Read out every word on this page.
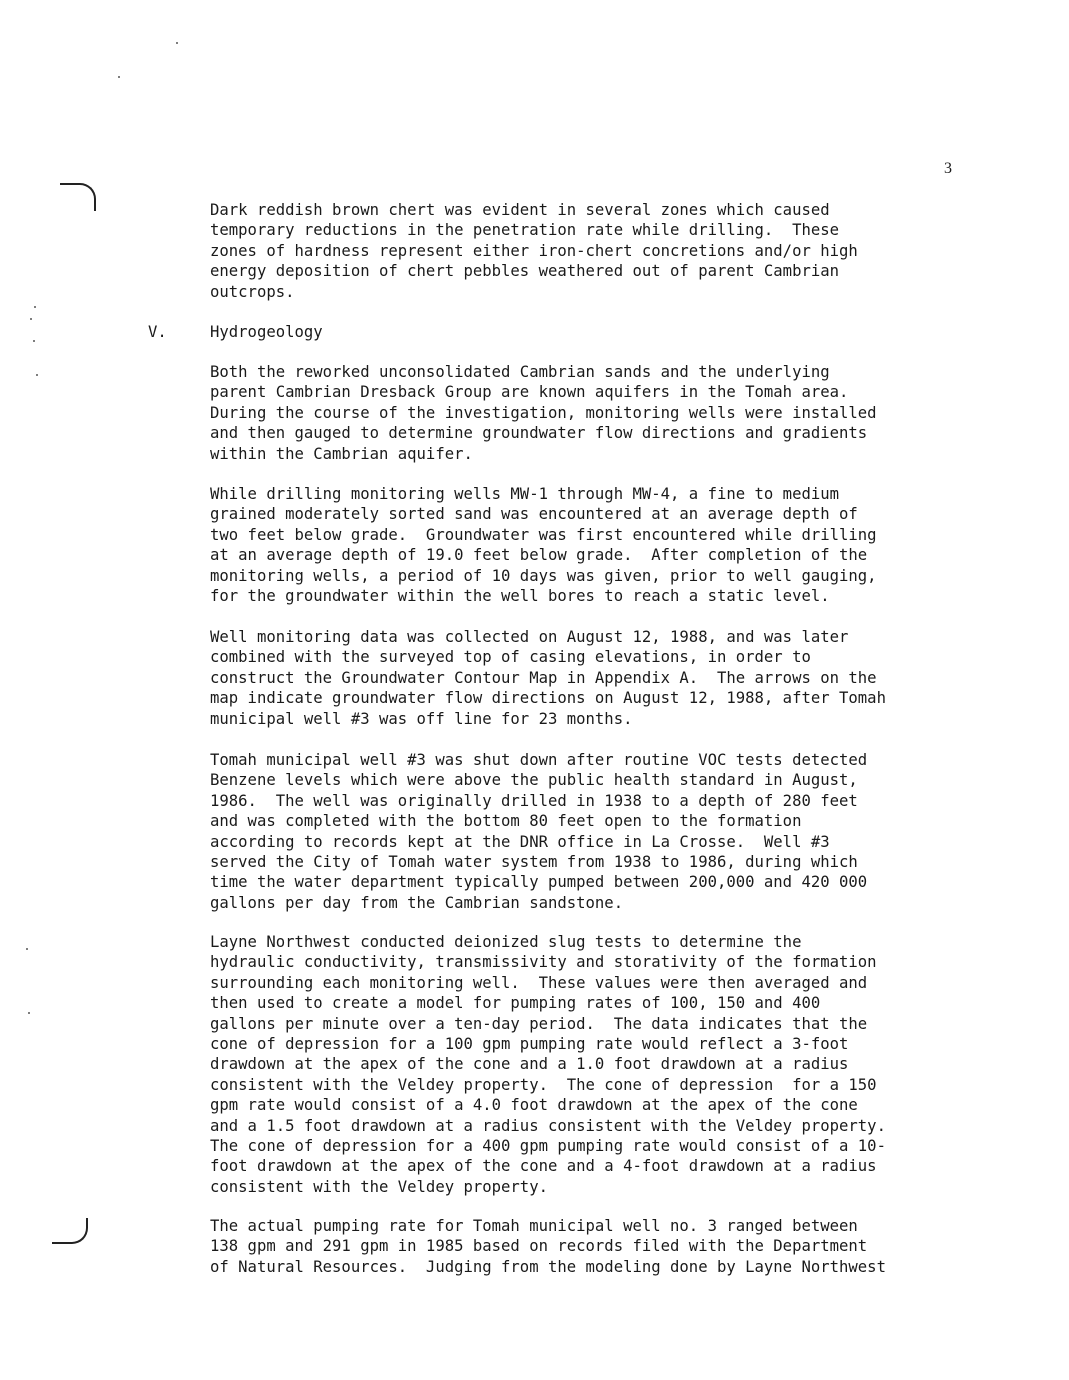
3
Dark reddish brown chert was evident in several zones which caused
temporary reductions in the penetration rate while drilling.  These
zones of hardness represent either iron-chert concretions and/or high
energy deposition of chert pebbles weathered out of parent Cambrian
outcrops.
V.	Hydrogeology
Both the reworked unconsolidated Cambrian sands and the underlying
parent Cambrian Dresback Group are known aquifers in the Tomah area.
During the course of the investigation, monitoring wells were installed
and then gauged to determine groundwater flow directions and gradients
within the Cambrian aquifer.
While drilling monitoring wells MW-1 through MW-4, a fine to medium
grained moderately sorted sand was encountered at an average depth of
two feet below grade.  Groundwater was first encountered while drilling
at an average depth of 19.0 feet below grade.  After completion of the
monitoring wells, a period of 10 days was given, prior to well gauging,
for the groundwater within the well bores to reach a static level.
Well monitoring data was collected on August 12, 1988, and was later
combined with the surveyed top of casing elevations, in order to
construct the Groundwater Contour Map in Appendix A.  The arrows on the
map indicate groundwater flow directions on August 12, 1988, after Tomah
municipal well #3 was off line for 23 months.
Tomah municipal well #3 was shut down after routine VOC tests detected
Benzene levels which were above the public health standard in August,
1986.  The well was originally drilled in 1938 to a depth of 280 feet
and was completed with the bottom 80 feet open to the formation
according to records kept at the DNR office in La Crosse.  Well #3
served the City of Tomah water system from 1938 to 1986, during which
time the water department typically pumped between 200,000 and 420 000
gallons per day from the Cambrian sandstone.
Layne Northwest conducted deionized slug tests to determine the
hydraulic conductivity, transmissivity and storativity of the formation
surrounding each monitoring well.  These values were then averaged and
then used to create a model for pumping rates of 100, 150 and 400
gallons per minute over a ten-day period.  The data indicates that the
cone of depression for a 100 gpm pumping rate would reflect a 3-foot
drawdown at the apex of the cone and a 1.0 foot drawdown at a radius
consistent with the Veldey property.  The cone of depression  for a 150
gpm rate would consist of a 4.0 foot drawdown at the apex of the cone
and a 1.5 foot drawdown at a radius consistent with the Veldey property.
The cone of depression for a 400 gpm pumping rate would consist of a 10-
foot drawdown at the apex of the cone and a 4-foot drawdown at a radius
consistent with the Veldey property.
The actual pumping rate for Tomah municipal well no. 3 ranged between
138 gpm and 291 gpm in 1985 based on records filed with the Department
of Natural Resources.  Judging from the modeling done by Layne Northwest
